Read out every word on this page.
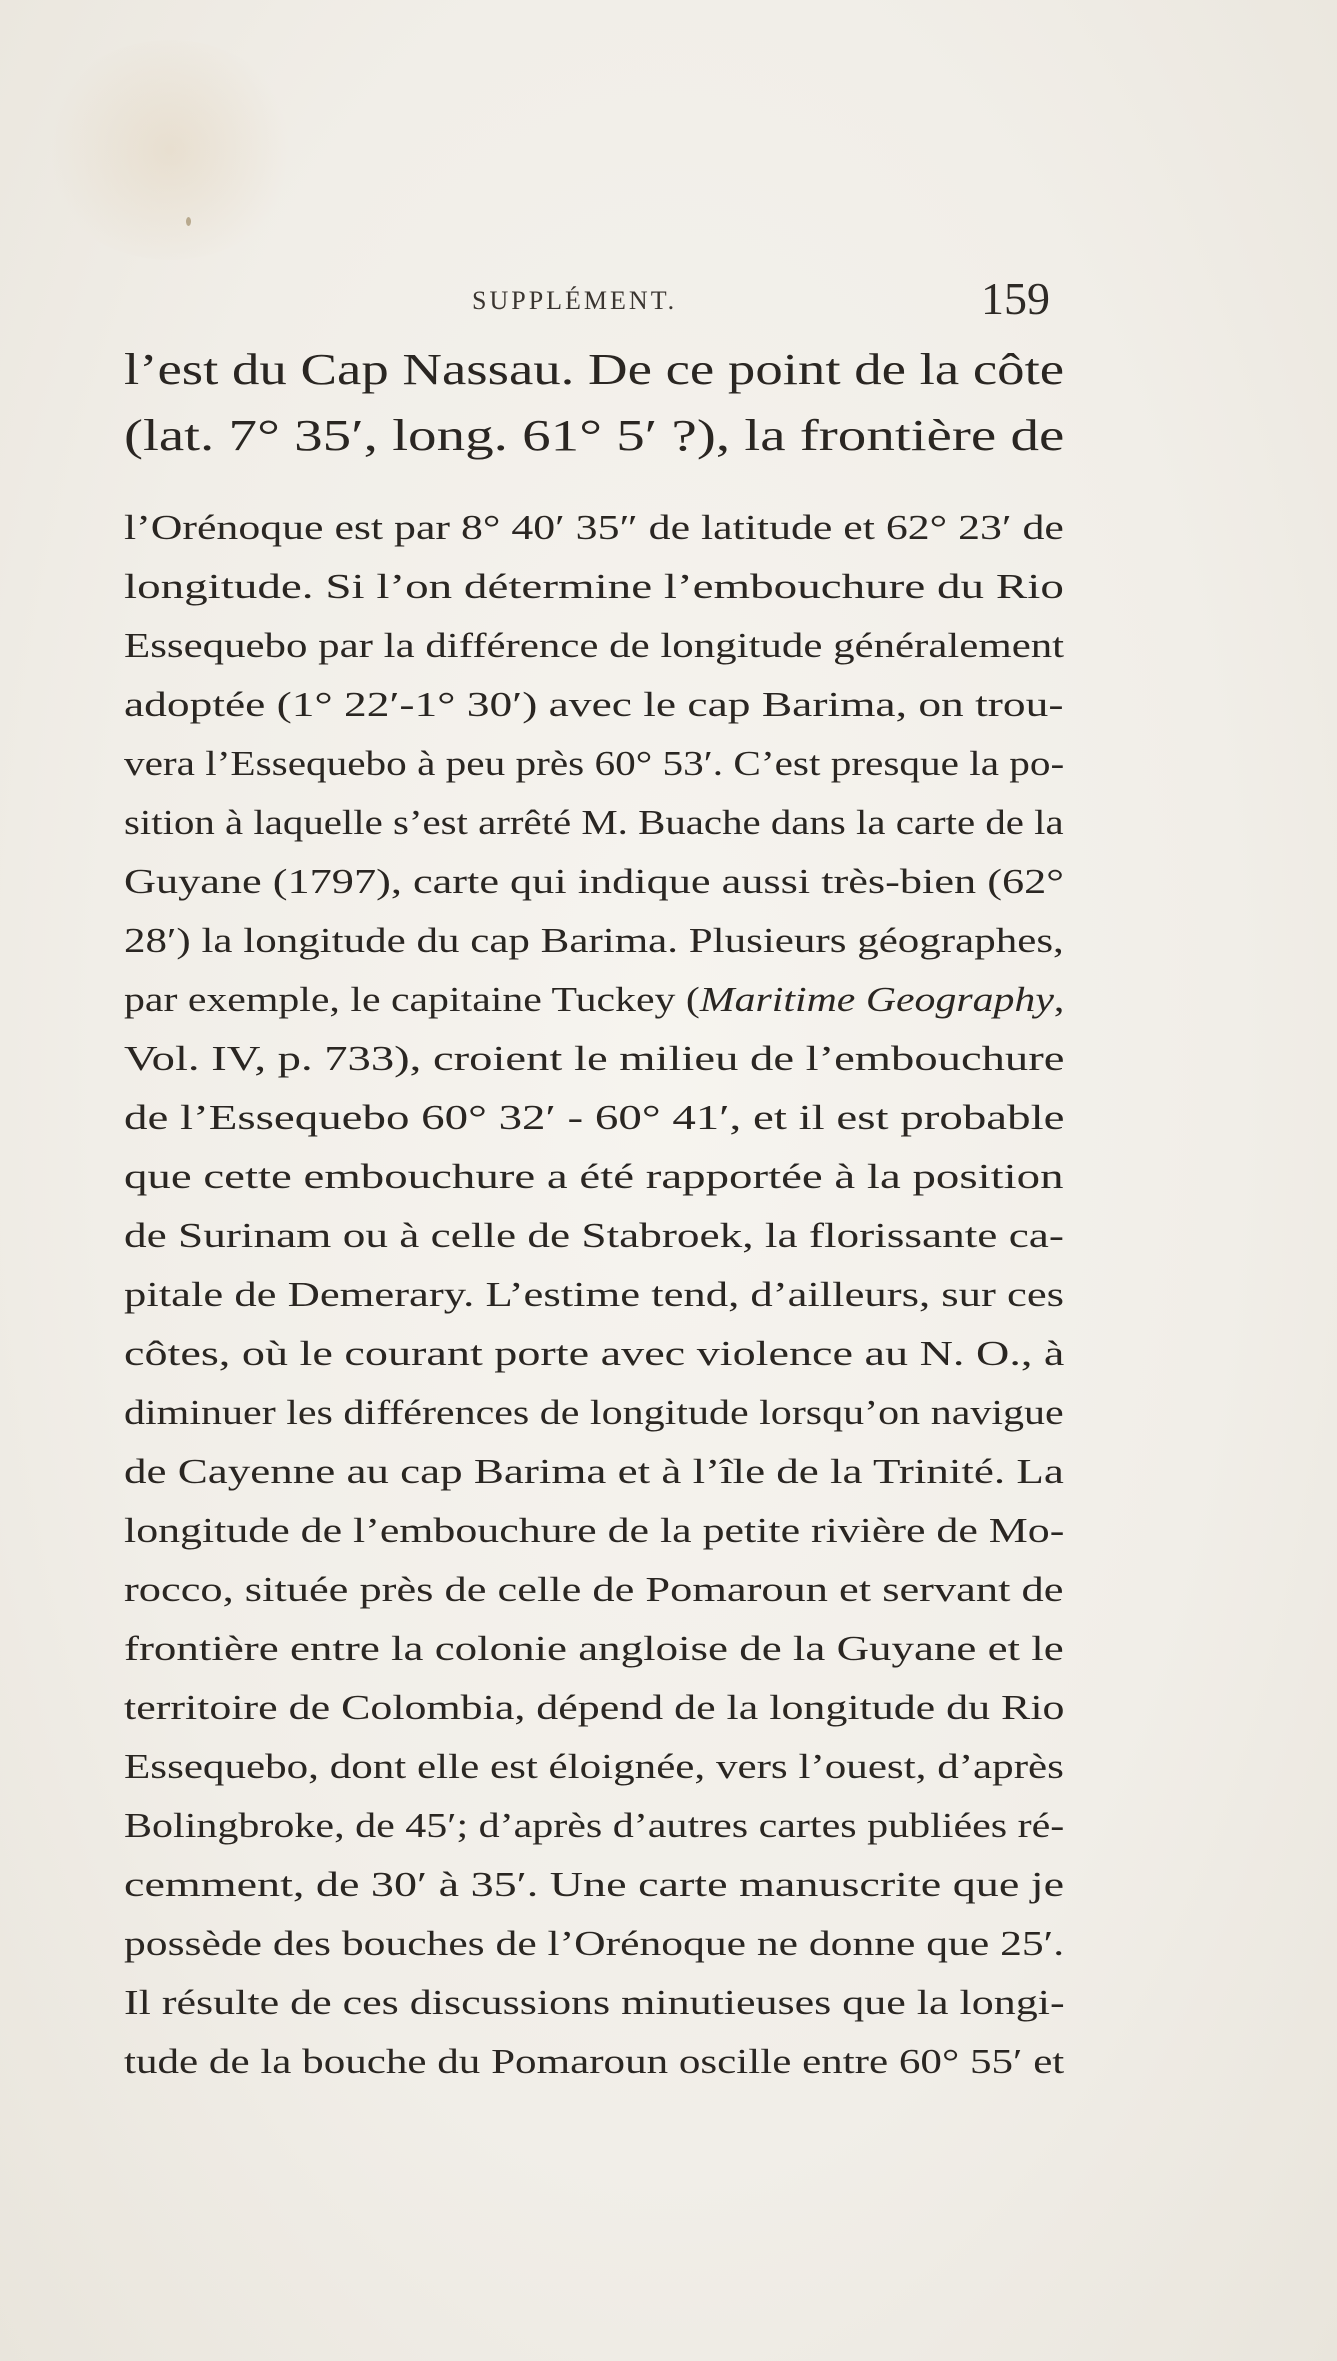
SUPPLÉMENT.	159
l’est du Cap Nassau. De ce point de la côte
(lat. 7° 35′, long. 61° 5′ ?), la frontière de
l’Orénoque est par 8° 40′ 35″ de latitude et 62° 23′ de
longitude. Si l’on détermine l’embouchure du Rio
Essequebo par la différence de longitude généralement
adoptée (1° 22′-1° 30′) avec le cap Barima, on trou-
vera l’Essequebo à peu près 60° 53′. C’est presque la po-
sition à laquelle s’est arrêté M. Buache dans la carte de la
Guyane (1797), carte qui indique aussi très-bien (62°
28′) la longitude du cap Barima. Plusieurs géographes,
par exemple, le capitaine Tuckey (Maritime Geography,
Vol. IV, p. 733), croient le milieu de l’embouchure
de l’Essequebo 60° 32′ - 60° 41′, et il est probable
que cette embouchure a été rapportée à la position
de Surinam ou à celle de Stabroek, la florissante ca-
pitale de Demerary. L’estime tend, d’ailleurs, sur ces
côtes, où le courant porte avec violence au N. O., à
diminuer les différences de longitude lorsqu’on navigue
de Cayenne au cap Barima et à l’île de la Trinité. La
longitude de l’embouchure de la petite rivière de Mo-
rocco, située près de celle de Pomaroun et servant de
frontière entre la colonie angloise de la Guyane et le
territoire de Colombia, dépend de la longitude du Rio
Essequebo, dont elle est éloignée, vers l’ouest, d’après
Bolingbroke, de 45′; d’après d’autres cartes publiées ré-
cemment, de 30′ à 35′. Une carte manuscrite que je
possède des bouches de l’Orénoque ne donne que 25′.
Il résulte de ces discussions minutieuses que la longi-
tude de la bouche du Pomaroun oscille entre 60° 55′ et
